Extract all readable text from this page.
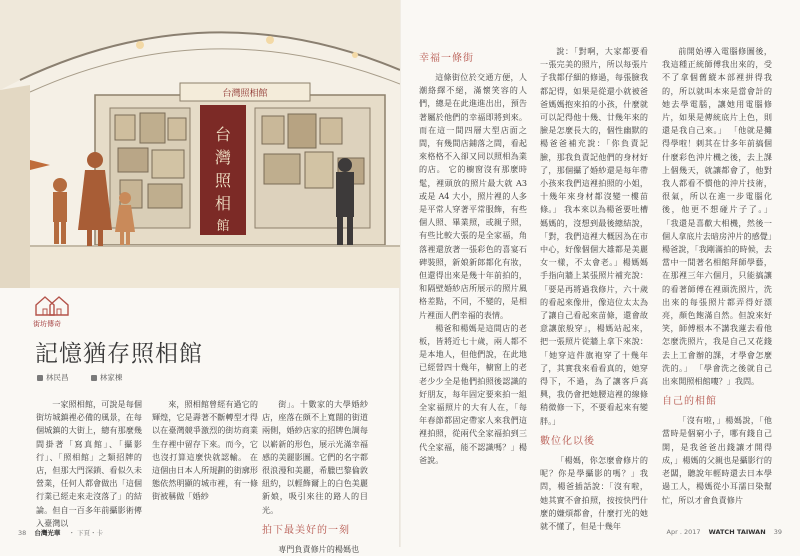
台灣照相館
台
灣
照
相
館
街坊傳奇
記憶猶存照相館
林民昌	林家棟

一家照相館，可說是每個街坊城鎮裡必備的風景，在每個城鎮的大街上，總有那麼幾間掛著「寫真館」、「攝影行」、「照相館」之類招牌的店，但那大門深鎖、看似久未營業，任何人都會做出「這個行業已經走來走沒落了」的結論。但自一百多年前攝影術傳入臺灣以

來，照相館曾經有過它的輝煌，它是壽著不斷轉型才得以在臺灣競爭激烈的街坊商業生存裡中留存下來。而今，它也沒打算這麼快就認輸。 在這個由日本人所規劃的街廓形態依然明顯的城市裡，有一條街被稱做「婚紗

街」。十數家的大學婚紗店，座落在頗不上寬闊的街道兩側，婚紗店家的招牌色調每以嶄新的形色，展示光滿幸福感的美麗影圖。它們的名字都很浪漫和美麗，希臘巴黎倫敦紐約，以輕飾爾上的白色美麗新娘，吸引來往的路人的目光。

拍下最美好的一刻

専門負責修片的楊媽也

幸福一條街

這條街位於交通方便，人潮絡繹不絕，滿懷笑容的人們，總是在此進進出出，預告著屬於他們的幸福即將到來。而在這一間四層大型店面之間，有幾間店鋪落之間，看起來格格不入卻又同以照相為業的店。 它的櫥窗沒有那麼時髦，裡頭放的照片最大就 A3 或是 A4 大小，照片裡的人多是平常人穿著平常服飾，有些個人照、畢業照，或親子照，有些比較大張的是全家福，角落裡還放著一張彩色的喜宴石碑裝照，新娘新郎都化有妝，但還得出來是幾十年前拍的，和隔壁婚紗店所展示的照片風格差點，不同，不變的，是相片裡面人們幸福的表情。

楊爸和楊媽是這間店的老板，皆將近七十歲，兩人都不是本地人，但他們說，在此地已經營四十幾年，櫥窗上的老老少少全是他們拍照後認識的好朋友，每年固定要來拍一組全家福照片的大有人在，「每年春節都固定帶家人來我們這裡拍照，從兩代全家福拍到三代全家福，能不認識嗎？」楊爸說。

說：「對啊，大家都要看一張完美的照片，所以每張片子我都仔細的修過，每張臉我都記得，如果是從還小就被爸爸媽媽抱來拍的小孩，什麼就可以記得他十幾、廿幾年來的臉是怎麼長大的，個性幽默的楊爸爸補充說：「你負責記臉，那我負責記他們的身材好了，那個攝了婚紗還是每年帶小孩來我們這裡拍照的小姐，十幾年來身材都沒變一樓苗條。」 我本來以為楊爸要吐槽媽媽的，沒想到最後總結說，「對，我們這裡大概因為在市中心，好像個個大雄都是美麗女一樣，不太會老。」楊媽媽手指向牆上某張照片補充說：「要是再將過我修片，六十歲的看起來像卅，像這位太太為了讓自己看起來苗條，還會故意讓旅般穿」，楊媽站起來，把一張照片從牆上拿下來說：「她穿這件旗袍穿了十幾年了，其實我來看看真的，她穿得下，不過，為了讓客戶高興，我仍會把她腰這裡的線條稍微修一下，不要看起來有變胖。」

數位化以後

「楊媽，你怎麼會修片的呢？你是學攝影的嗎？」我問，楊爸插話說：「沒有啦，她其實不會拍照，按按快門什麼的嫌煩都會，什麼打光的她就不懂了，但是十幾年

前開始導入電腦修圖後，我這種正統師傅我出來的，受不了拿個舊縱本部裡拼得我的，所以就叫本來是當會計的她去學電腦，讓她用電腦修片，如果是傳統底片上色，則還是我自己來。」 「他就是攤得學啦！刺其在廿多年前搞個什麼彩色沖片機之後，去上課上個幾天，就讓都會了，他對我人都看不慣他的沖片技術，很氣，所以在進一步電腦化後，他更不想碰片子了。」 「我還是喜歡大相機，然後一個人拿底片去暗房沖片的感覺」楊爸說，「我剛滿拍的時候，去當中一間著名相館拜師學藝，在那裡三年六個月，只能搞讓的看著師傅在裡頭洗照片，洗出來的每張照片都弄得好漂亮，顏色飽滿自然。但說來好笑，師傅根本不講我蓮去看他怎麼洗照片，我是自己又花錢去上工會辦的課，才學會怎麼洗的。」 「學會洗之後就自己出來開照相館嘍？」我問。

自己的相館

「沒有啦，」楊媽說，「他當時是個窮小子，哪有錢自己開，是我爸爸出錢讓才開得成，」楊媽的父親也是攝影行的老闆，聽說年輕時還去日本學過工人，楊媽從小耳濡日染幫忙，所以才會負責修片

38 台灣光華 ・ 下頁・卡	Apr . 2017 WATCH TAIWAN 39
